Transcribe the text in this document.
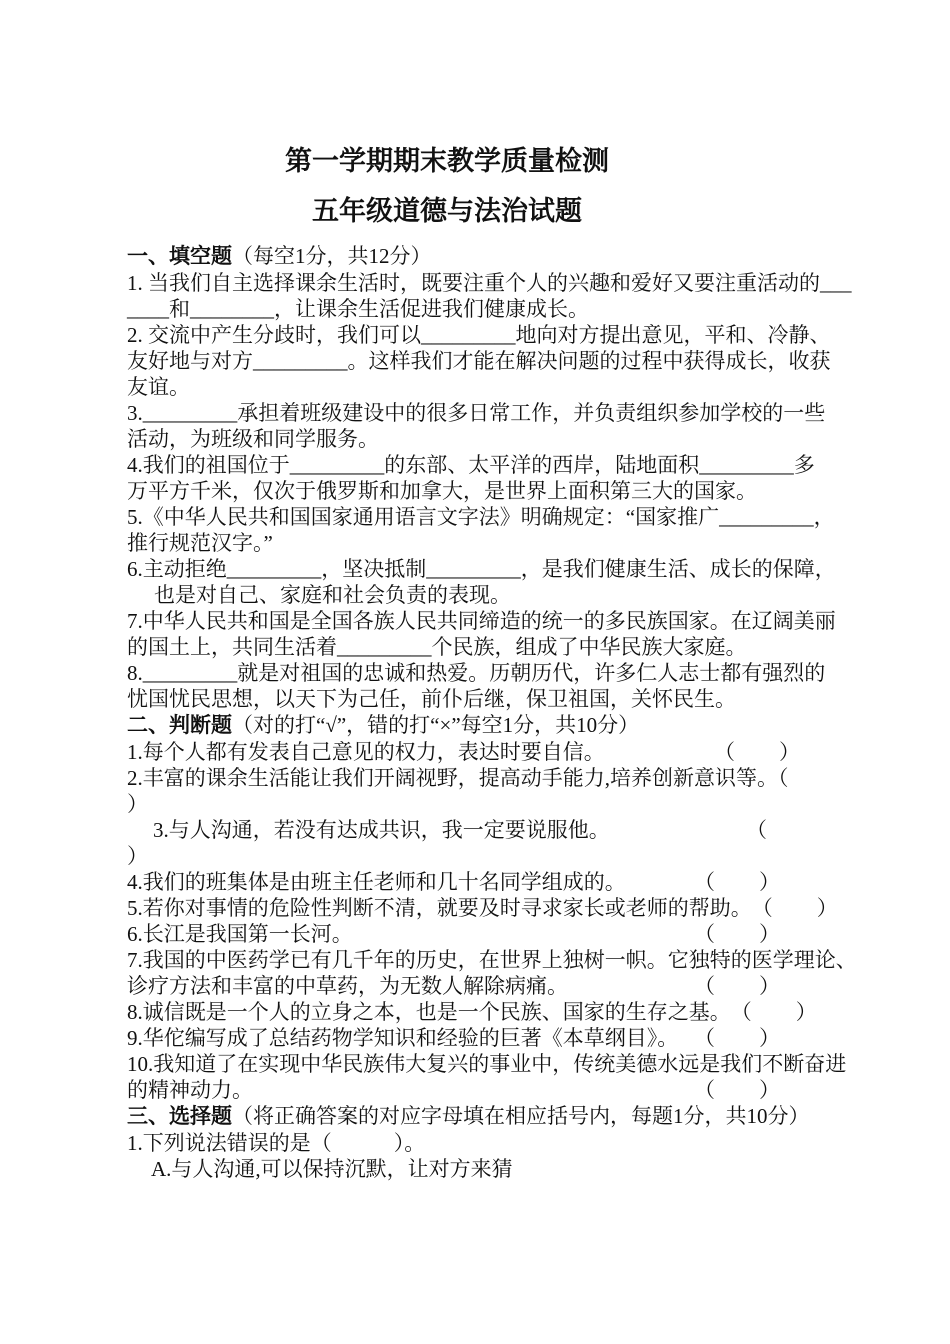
第一学期期末教学质量检测
五年级道德与法治试题
一、填空题（每空1分，共12分）
1. 当我们自主选择课余生活时，既要注重个人的兴趣和爱好又要注重活动的___
____和________，让课余生活促进我们健康成长。
2. 交流中产生分歧时，我们可以_________地向对方提出意见，平和、冷静、
友好地与对方_________。这样我们才能在解决问题的过程中获得成长，收获
友谊。
3._________承担着班级建设中的很多日常工作，并负责组织参加学校的一些
活动，为班级和同学服务。
4.我们的祖国位于_________的东部、太平洋的西岸，陆地面积_________多
万平方千米，仅次于俄罗斯和加拿大，是世界上面积第三大的国家。
5.《中华人民共和国国家通用语言文字法》明确规定：“国家推广_________，
推行规范汉字。”
6.主动拒绝_________，坚决抵制_________，是我们健康生活、成长的保障，
也是对自己、家庭和社会负责的表现。
7.中华人民共和国是全国各族人民共同缔造的统一的多民族国家。在辽阔美丽
的国土上，共同生活着_________个民族，组成了中华民族大家庭。
8._________就是对祖国的忠诚和热爱。历朝历代，许多仁人志士都有强烈的
忧国忧民思想，以天下为己任，前仆后继，保卫祖国，关怀民生。
二、判断题（对的打“√”，错的打“×”每空1分，共10分）
1.每个人都有发表自己意见的权力，表达时要自信。	（ ）
2.丰富的课余生活能让我们开阔视野，提高动手能力,培养创新意识等。（
）
3.与人沟通，若没有达成共识，我一定要说服他。	（
）
4.我们的班集体是由班主任老师和几十名同学组成的。	（ ）
5.若你对事情的危险性判断不清，就要及时寻求家长或老师的帮助。 （ ）
6.长江是我国第一长河。	（ ）
7.我国的中医药学已有几千年的历史，在世界上独树一帜。它独特的医学理论、
诊疗方法和丰富的中草药，为无数人解除病痛。	（ ）
8.诚信既是一个人的立身之本，也是一个民族、国家的生存之基。 （ ）
9.华佗编写成了总结药物学知识和经验的巨著《本草纲目》。 （ ）
10.我知道了在实现中华民族伟大复兴的事业中，传统美德水远是我们不断奋进
的精神动力。	（ ）
三、选择题（将正确答案的对应字母填在相应括号内，每题1分，共10分）
1.下列说法错误的是（	）。
A.与人沟通,可以保持沉默，让对方来猜
